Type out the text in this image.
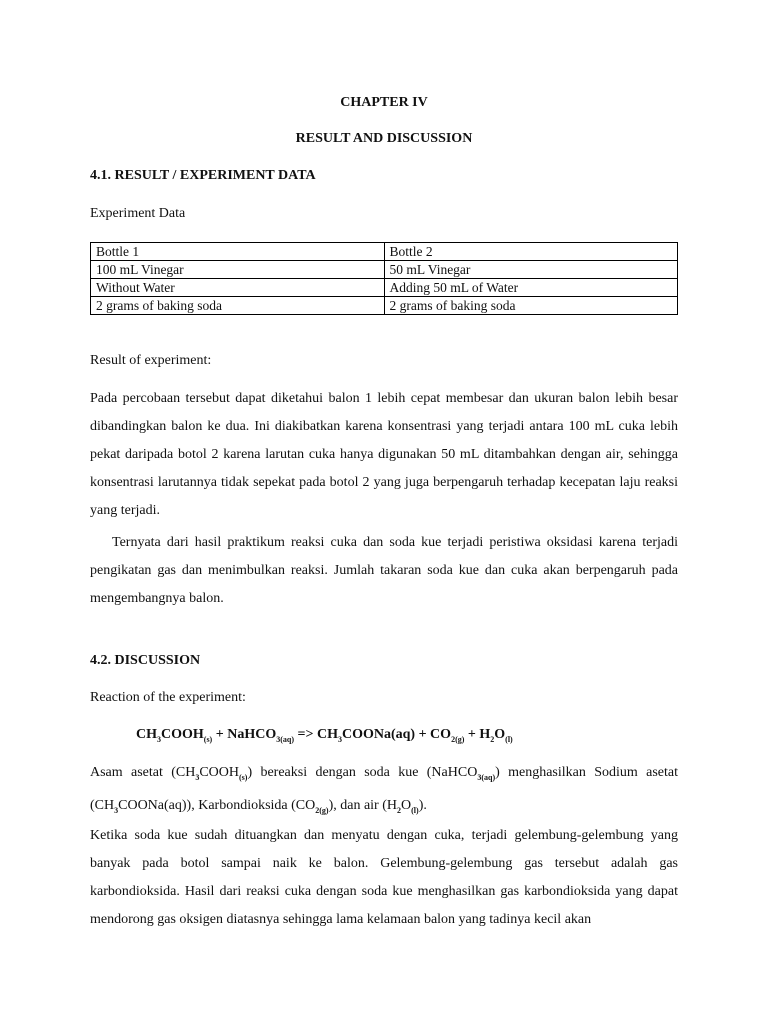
CHAPTER IV
RESULT AND DISCUSSION
4.1. RESULT / EXPERIMENT DATA
Experiment Data
Bottle 1	Bottle 2
100 mL Vinegar	50 mL Vinegar
Without Water	Adding 50 mL of Water
2 grams of baking soda	2 grams of baking soda
Result of experiment:
Pada percobaan tersebut dapat diketahui balon 1 lebih cepat membesar dan ukuran balon lebih besar dibandingkan balon ke dua. Ini diakibatkan karena konsentrasi yang terjadi antara 100 mL cuka lebih pekat daripada botol 2 karena larutan cuka hanya digunakan 50 mL ditambahkan dengan air, sehingga konsentrasi larutannya tidak sepekat pada botol 2 yang juga berpengaruh terhadap kecepatan laju reaksi yang terjadi.
Ternyata dari hasil praktikum reaksi cuka dan soda kue terjadi peristiwa oksidasi karena terjadi pengikatan gas dan menimbulkan reaksi. Jumlah takaran soda kue dan cuka akan berpengaruh pada mengembangnya balon.
4.2. DISCUSSION
Reaction of the experiment:
$CH_3COOH_{(s)}$ + NaHCO$_{3(aq)}$ => $CH_3COONa(aq) + CO_{2(g)} + H_2O_{(l)}$
Asam asetat $(CH_3COOH_{(s)})$ bereaksi dengan soda kue (NaHCO$_{3(aq)}$) menghasilkan Sodium asetat
$(CH_3COONa(aq))$, Karbondioksida $(CO_{2(g)})$, dan air $(H_2O_{(l)})$.
Ketika soda kue sudah dituangkan dan menyatu dengan cuka, terjadi gelembung-gelembung yang banyak pada botol sampai naik ke balon. Gelembung-gelembung gas tersebut adalah gas karbondioksida. Hasil dari reaksi cuka dengan soda kue menghasilkan gas karbondioksida yang dapat mendorong gas oksigen diatasnya sehingga lama kelamaan balon yang tadinya kecil akan
